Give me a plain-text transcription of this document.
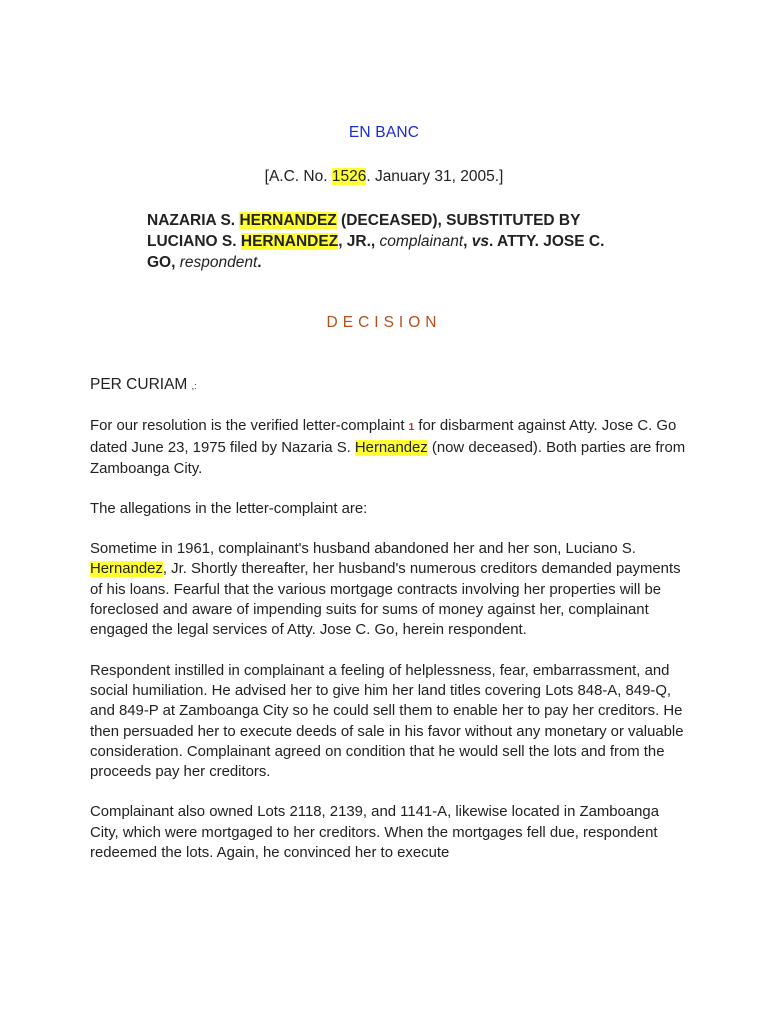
EN BANC
[A.C. No. 1526. January 31, 2005.]
NAZARIA S. HERNANDEZ (DECEASED), SUBSTITUTED BY LUCIANO S. HERNANDEZ, JR., complainant, vs. ATTY. JOSE C. GO, respondent.
DECISION
PER CURIAM ,:

For our resolution is the verified letter-complaint 1 for disbarment against Atty. Jose C. Go dated June 23, 1975 filed by Nazaria S. Hernandez (now deceased). Both parties are from Zamboanga City.

The allegations in the letter-complaint are:

Sometime in 1961, complainant's husband abandoned her and her son, Luciano S. Hernandez, Jr. Shortly thereafter, her husband's numerous creditors demanded payments of his loans. Fearful that the various mortgage contracts involving her properties will be foreclosed and aware of impending suits for sums of money against her, complainant engaged the legal services of Atty. Jose C. Go, herein respondent.

Respondent instilled in complainant a feeling of helplessness, fear, embarrassment, and social humiliation. He advised her to give him her land titles covering Lots 848-A, 849-Q, and 849-P at Zamboanga City so he could sell them to enable her to pay her creditors. He then persuaded her to execute deeds of sale in his favor without any monetary or valuable consideration. Complainant agreed on condition that he would sell the lots and from the proceeds pay her creditors.

Complainant also owned Lots 2118, 2139, and 1141-A, likewise located in Zamboanga City, which were mortgaged to her creditors. When the mortgages fell due, respondent redeemed the lots. Again, he convinced her to execute
